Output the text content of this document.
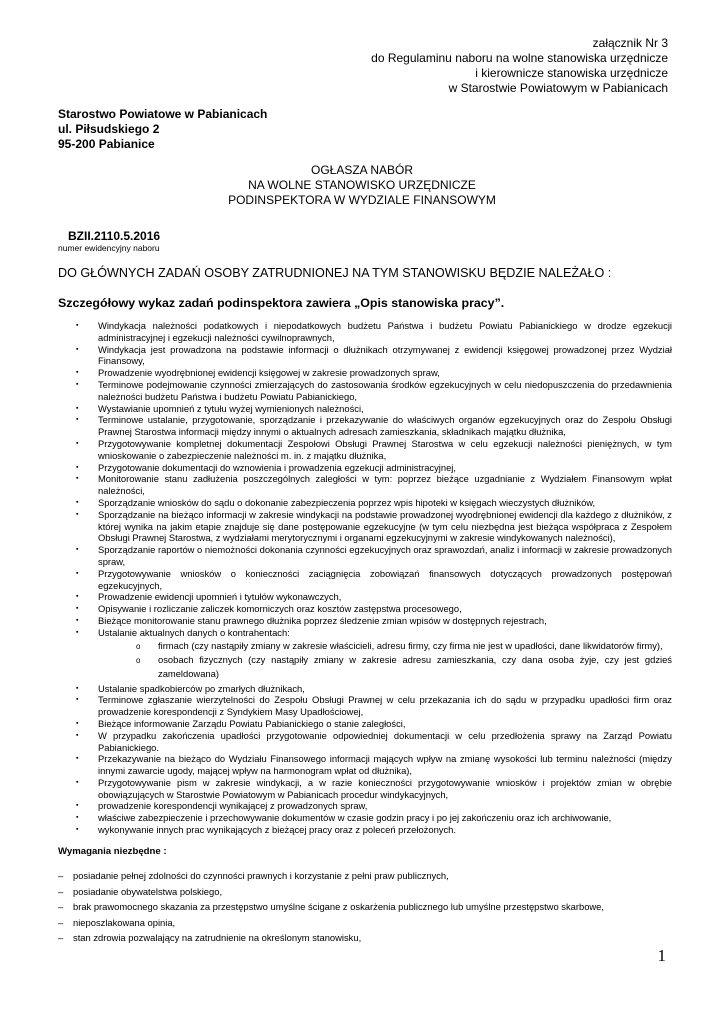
załącznik Nr 3
do Regulaminu naboru na wolne stanowiska urzędnicze
i kierownicze stanowiska urzędnicze
w Starostwie Powiatowym w Pabianicach
Starostwo Powiatowe w Pabianicach
ul. Piłsudskiego 2
95-200 Pabianice
OGŁASZA NABÓR
NA WOLNE STANOWISKO URZĘDNICZE
PODINSPEKTORA W WYDZIALE FINANSOWYM
BZII.2110.5.2016
numer ewidencyjny naboru
DO GŁÓWNYCH ZADAŃ OSOBY ZATRUDNIONEJ NA TYM STANOWISKU BĘDZIE NALEŻAŁO :
Szczegółowy wykaz zadań podinspektora zawiera „Opis stanowiska pracy”.
▪ Windykacja należności podatkowych i niepodatkowych budżetu Państwa i budżetu Powiatu Pabianickiego w drodze egzekucji administracyjnej i egzekucji należności cywilnoprawnych,
▪ Windykacja jest prowadzona na podstawie informacji o dłużnikach otrzymywanej z ewidencji księgowej prowadzonej przez Wydział Finansowy,
▪ Prowadzenie wyodrębnionej ewidencji księgowej w zakresie prowadzonych spraw,
▪ Terminowe podejmowanie czynności zmierzających do zastosowania środków egzekucyjnych w celu niedopuszczenia do przedawnienia należności budżetu Państwa i budżetu Powiatu Pabianickiego,
▪ Wystawianie upomnień z tytułu wyżej wymienionych należności,
▪ Terminowe ustalanie, przygotowanie, sporządzanie i przekazywanie do właściwych organów egzekucyjnych oraz do Zespołu Obsługi Prawnej Starostwa informacji między innymi o aktualnych adresach zamieszkania, składnikach majątku dłużnika,
▪ Przygotowywanie kompletnej dokumentacji Zespołowi Obsługi Prawnej Starostwa w celu egzekucji należności pieniężnych, w tym wnioskowanie o zabezpieczenie należności m. in. z majątku dłużnika,
▪ Przygotowanie dokumentacji do wznowienia i prowadzenia egzekucji administracyjnej,
▪ Monitorowanie stanu zadłużenia poszczególnych zaległości w tym: poprzez bieżące uzgadnianie z Wydziałem Finansowym wpłat należności,
▪ Sporządzanie wniosków do sądu o dokonanie zabezpieczenia poprzez wpis hipoteki w księgach wieczystych dłużników,
▪ Sporządzanie na bieżąco informacji w zakresie windykacji na podstawie prowadzonej wyodrębnionej ewidencji dla każdego z dłużników, z której wynika na jakim etapie znajduje się dane postępowanie egzekucyjne (w tym celu niezbędna jest bieżąca współpraca z Zespołem Obsługi Prawnej Starostwa, z wydziałami merytorycznymi i organami egzekucyjnymi w zakresie windykowanych należności),
▪ Sporządzanie raportów o niemożności dokonania czynności egzekucyjnych oraz sprawozdań, analiz i informacji w zakresie prowadzonych spraw,
▪ Przygotowywanie wniosków o konieczności zaciągnięcia zobowiązań finansowych dotyczących prowadzonych postępowań egzekucyjnych,
▪ Prowadzenie ewidencji upomnień i tytułów wykonawczych,
▪ Opisywanie i rozliczanie zaliczek komorniczych oraz kosztów zastępstwa procesowego,
▪ Bieżące monitorowanie stanu prawnego dłużnika poprzez śledzenie zmian wpisów w dostępnych rejestrach,
▪ Ustalanie aktualnych danych o kontrahentach:
o firmach (czy nastąpiły zmiany w zakresie właścicieli, adresu firmy, czy firma nie jest w upadłości, dane likwidatorów firmy),
o osobach fizycznych (czy nastąpiły zmiany w zakresie adresu zamieszkania, czy dana osoba żyje, czy jest gdzieś zameldowana)
▪ Ustalanie spadkobierców po zmarłych dłużnikach,
▪ Terminowe zgłaszanie wierzytelności do Zespołu Obsługi Prawnej w celu przekazania ich do sądu w przypadku upadłości firm oraz prowadzenie korespondencji z Syndykiem Masy Upadłościowej,
▪ Bieżące informowanie Zarządu Powiatu Pabianickiego o stanie zaległości,
▪ W przypadku zakończenia upadłości przygotowanie odpowiedniej dokumentacji w celu przedłożenia sprawy na Zarząd Powiatu Pabianickiego.
▪ Przekazywanie na bieżąco do Wydziału Finansowego informacji mających wpływ na zmianę wysokości lub terminu należności (między innymi zawarcie ugody, mającej wpływ na harmonogram wpłat od dłużnika),
▪ Przygotowywanie pism w zakresie windykacji, a w razie konieczności przygotowywanie wniosków i projektów zmian w obrębie obowiązujących w Starostwie Powiatowym w Pabianicach procedur windykacyjnych,
▪ prowadzenie korespondencji wynikającej z prowadzonych spraw,
▪ właściwe zabezpieczenie i przechowywanie dokumentów w czasie godzin pracy i po jej zakończeniu oraz ich archiwowanie,
▪ wykonywanie innych prac wynikających z bieżącej pracy oraz z poleceń przełożonych.
Wymagania niezbędne :
– posiadanie pełnej zdolności do czynności prawnych i korzystanie z pełni praw publicznych,
– posiadanie obywatelstwa polskiego,
– brak prawomocnego skazania za przestępstwo umyślne ścigane z oskarżenia publicznego lub umyślne przestępstwo skarbowe,
– nieposzlakowana opinia,
– stan zdrowia pozwalający na zatrudnienie na określonym stanowisku,
1
